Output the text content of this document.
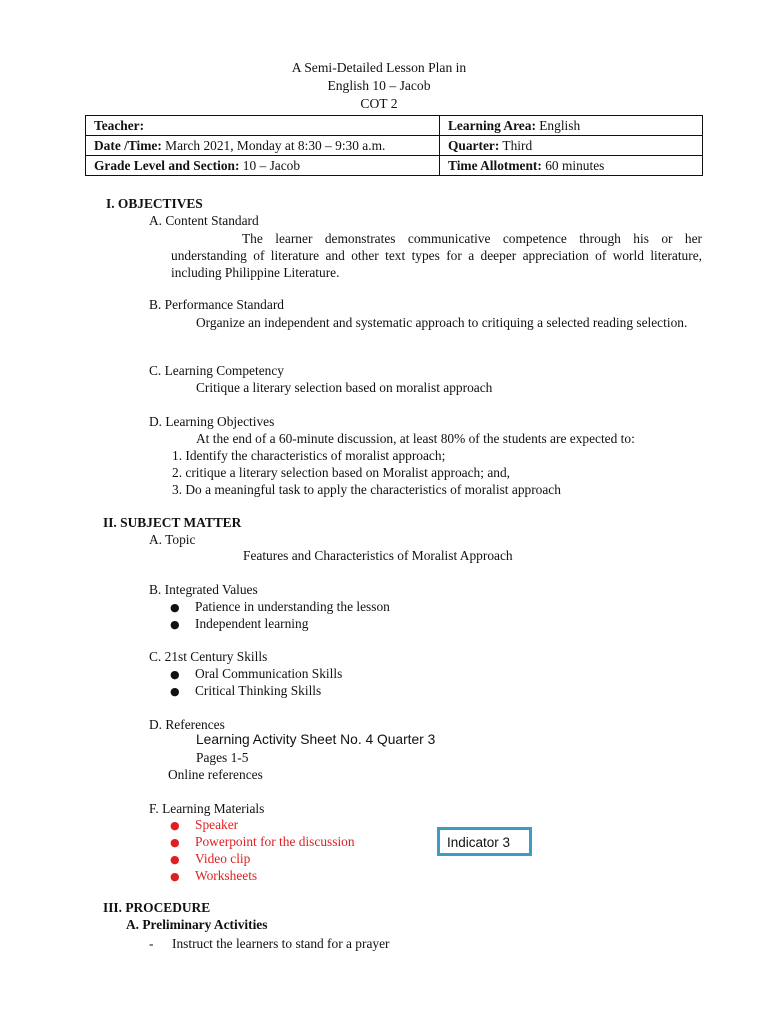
A Semi-Detailed Lesson Plan in
English 10 – Jacob
COT 2
Teacher:	Learning Area: English
Date /Time: March 2021, Monday at 8:30 – 9:30 a.m.	Quarter: Third
Grade Level and Section: 10 – Jacob	Time Allotment: 60 minutes
I. OBJECTIVES
A. Content Standard
The learner demonstrates communicative competence through his or her understanding of literature and other text types for a deeper appreciation of world literature, including Philippine Literature.
B. Performance Standard
Organize an independent and systematic approach to critiquing a selected reading selection.
C. Learning Competency
Critique a literary selection based on moralist approach
D. Learning Objectives
At the end of a 60-minute discussion, at least 80% of the students are expected to:
1. Identify the characteristics of moralist approach;
2. critique a literary selection based on Moralist approach; and,
3. Do a meaningful task to apply the characteristics of moralist approach
II. SUBJECT MATTER
A. Topic
Features and Characteristics of Moralist Approach
B. Integrated Values
● Patience in understanding the lesson
● Independent learning
C. 21st Century Skills
● Oral Communication Skills
● Critical Thinking Skills
D. References
Learning Activity Sheet No. 4 Quarter 3
Pages 1-5
Online references
F. Learning Materials
● Speaker
● Powerpoint for the discussion
● Video clip
● Worksheets
Indicator 3
III. PROCEDURE
A. Preliminary Activities
- Instruct the learners to stand for a prayer
